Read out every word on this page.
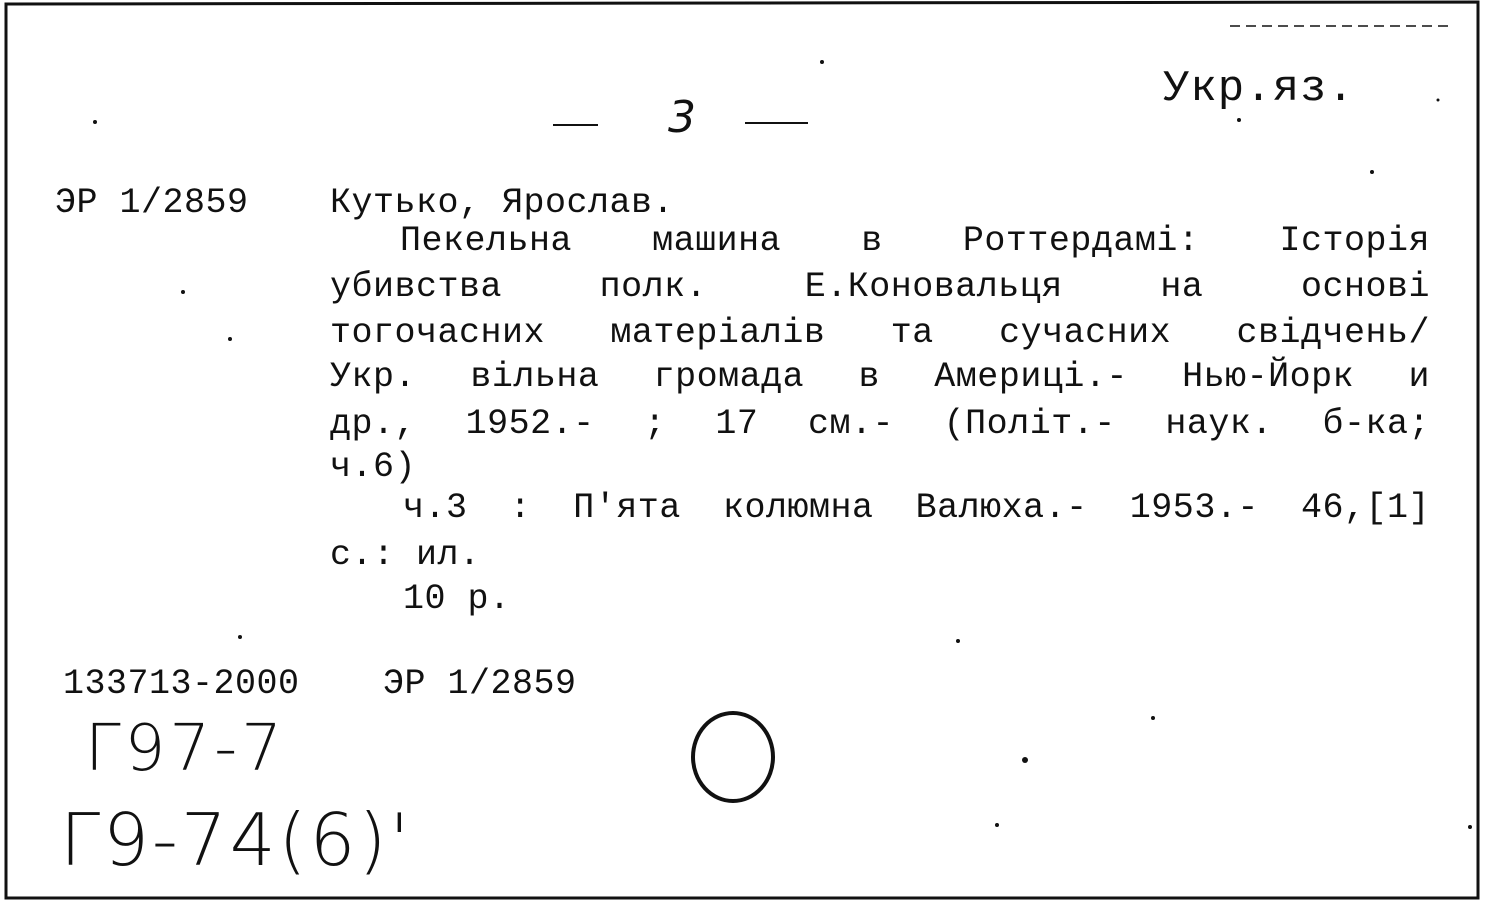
Укр.яз.
3
ЭР 1/2859 Кутько, Ярослав.
Пекельна машина в Роттердамі: Історія
убивства полк. Е.Коновальця на основі
тогочасних матеріалів та сучасних свідчень/
Укр. вільна громада в Америці.- Нью-Йорк и
др., 1952.- ; 17 см.- (Політ.- наук. б-ка;
ч.6)
ч.3 : П'ята колюмна Валюха.- 1953.- 46,[1]
с.: ил.
10 р.
133713-2000 ЭР 1/2859
Г97-7
Г9-74(6)'
